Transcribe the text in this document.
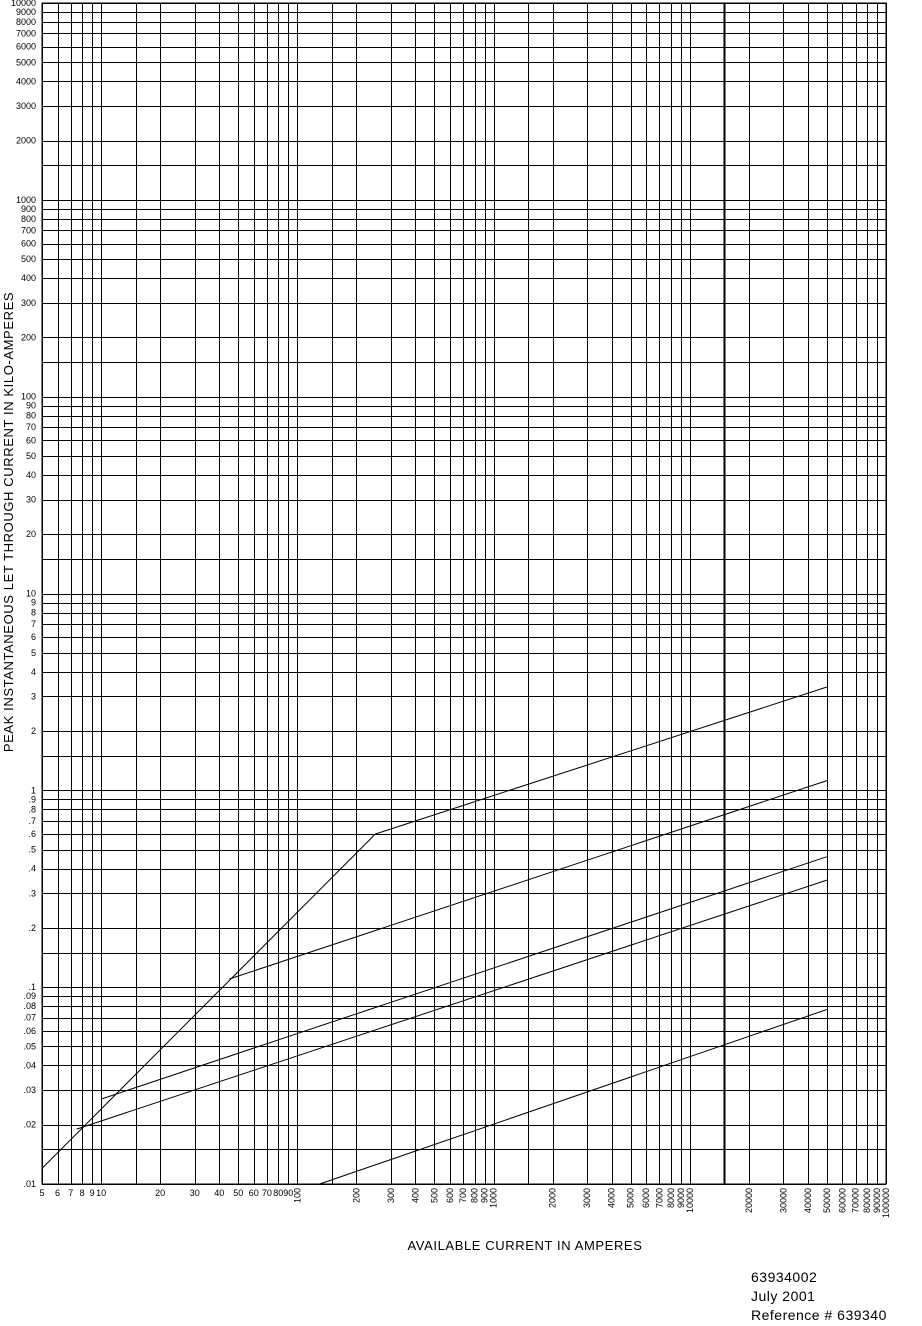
.01
.02
.03
.04
.05
.06
.07
.08
.09
.1
.2
.3
.4
.5
.6
.7
.8
.9
1
2
3
4
5
6
7
8
9
10
20
30
40
50
60
70
80
90
100
200
300
400
500
600
700
800
900
1000
2000
3000
4000
5000
6000
7000
8000
9000
10000
5 6 7 8 9 10	20	30 40 50 60 70 80 90
100	200	300 400 500 600 700 800 900
1000	2000	3000 4000 5000 6000 7000 8000 9000 10000	20000	30000 40000 50000 60000 70000 80000 90000 100000
PEAK INSTANTANEOUS LET THROUGH CURRENT IN KILO-AMPERES
AVAILABLE CURRENT IN AMPERES
63934002
July 2001
Reference # 639340
